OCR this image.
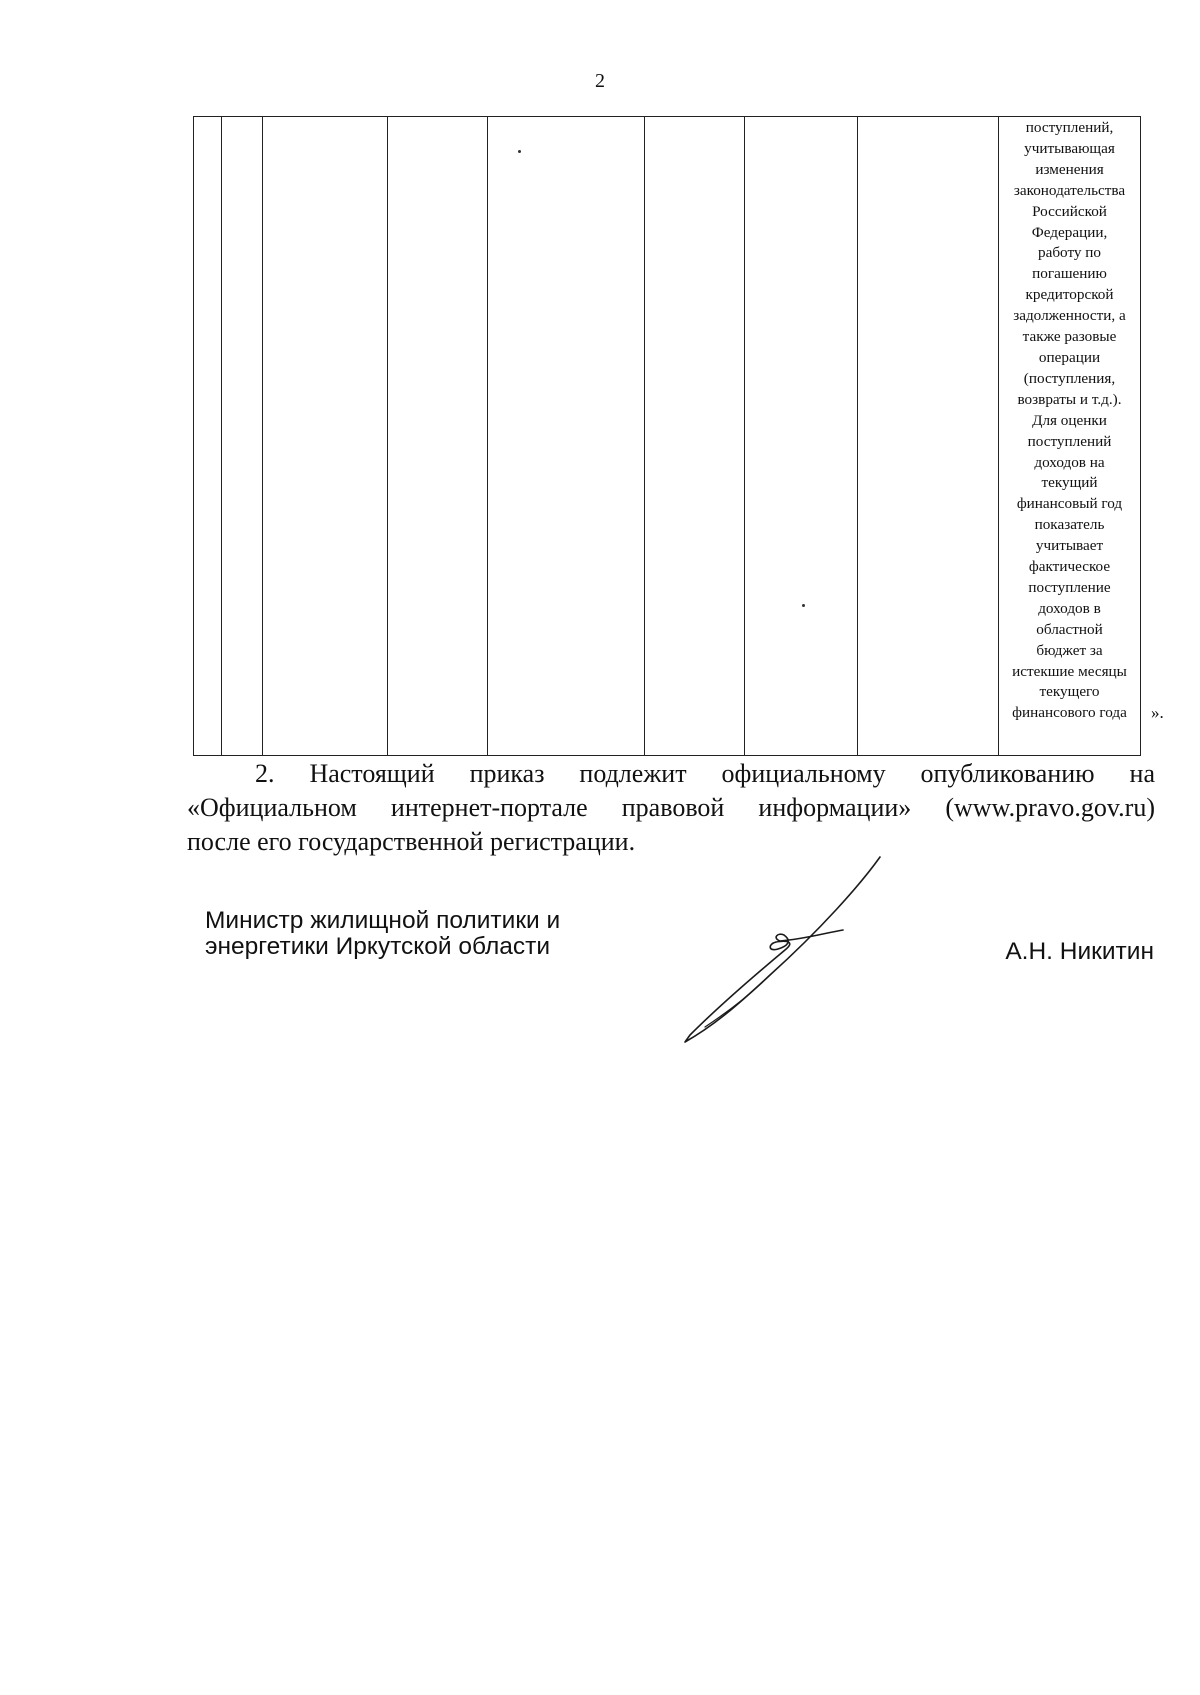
2

поступлений,
учитывающая
изменения
законодательства
Российской
Федерации,
работу по
погашению
кредиторской
задолженности, а
также разовые
операции
(поступления,
возвраты и т.д.).
Для оценки
поступлений
доходов на
текущий
финансовый год
показатель
учитывает
фактическое
поступление
доходов в
областной
бюджет за
истекшие месяцы
текущего
финансового года	».
2. Настоящий приказ подлежит официальному опубликованию на
«Официальном интернет-портале правовой информации» (www.pravo.gov.ru)
после его государственной регистрации.
Министр жилищной политики и
энергетики Иркутской области	А.Н. Никитин
